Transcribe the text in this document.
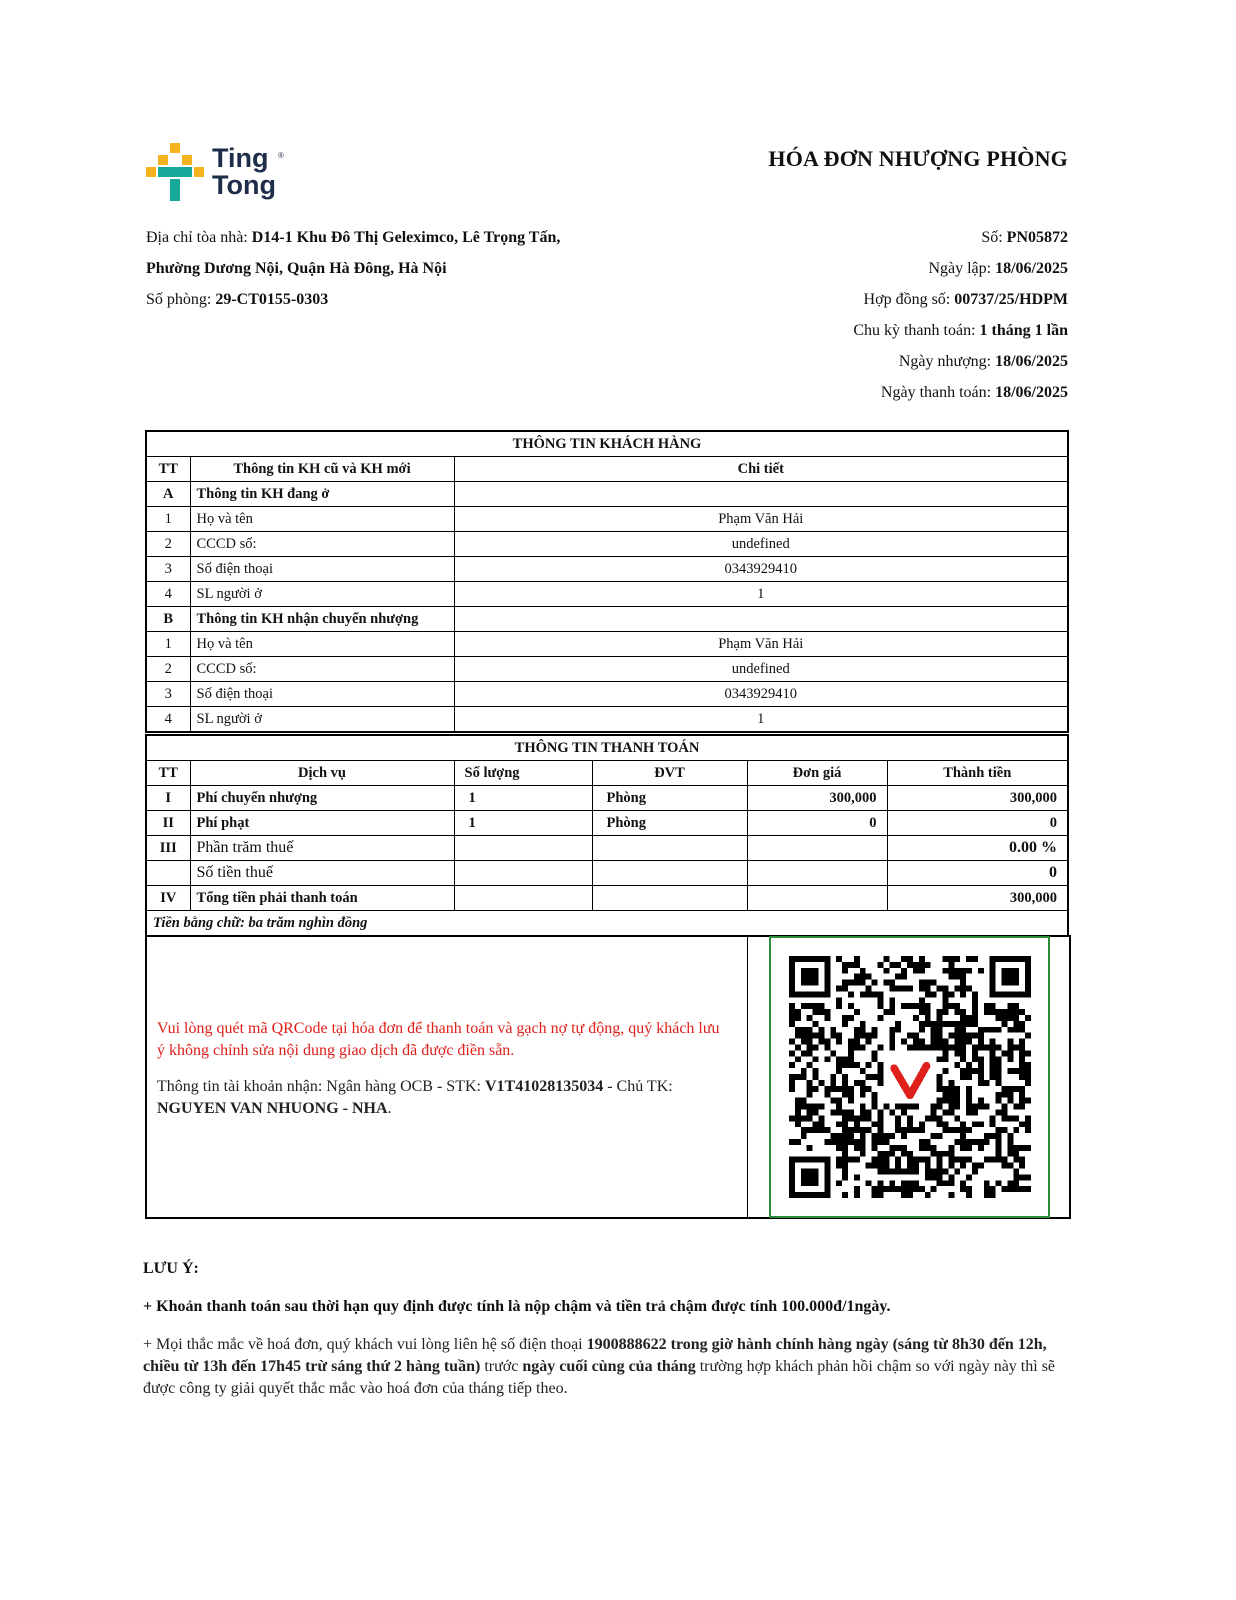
Ting
Tong
®	HÓA ĐƠN NHƯỢNG PHÒNG
Địa chỉ tòa nhà: D14-1 Khu Đô Thị Geleximco, Lê Trọng Tấn,
Phường Dương Nội, Quận Hà Đông, Hà Nội
Số phòng: 29-CT0155-0303
Số: PN05872
Ngày lập: 18/06/2025
Hợp đồng số: 00737/25/HDPM
Chu kỳ thanh toán: 1 tháng 1 lần
Ngày nhượng: 18/06/2025
Ngày thanh toán: 18/06/2025
THÔNG TIN KHÁCH HÀNG		
TT	Thông tin KH cũ và KH mới	Chi tiết
A	Thông tin KH đang ở	
1	Họ và tên	Phạm Văn Hải
2	CCCD số:	undefined
3	Số điện thoại	0343929410
4	SL người ở	1
B	Thông tin KH nhận chuyển nhượng	
1	Họ và tên	Phạm Văn Hải
2	CCCD số:	undefined
3	Số điện thoại	0343929410
4	SL người ở	1
THÔNG TIN THANH TOÁN					
TT	Dịch vụ	Số lượng	ĐVT	Đơn giá	Thành tiền
I	Phí chuyển nhượng	1	Phòng	300,000	300,000
II	Phí phạt	1	Phòng	0	0
III	Phần trăm thuế				0.00 %
	Số tiền thuế				0
IV	Tổng tiền phải thanh toán				300,000
Tiền bằng chữ: ba trăm nghìn đồng					
Vui lòng quét mã QRCode tại hóa đơn để thanh toán và gạch nợ tự động, quý khách lưu ý không chỉnh sửa nội dung giao dịch đã được điền sẵn.
Thông tin tài khoản nhận: Ngân hàng OCB - STK: V1T41028135034 - Chủ TK: NGUYEN VAN NHUONG - NHA.
LƯU Ý:
+ Khoản thanh toán sau thời hạn quy định được tính là nộp chậm và tiền trả chậm được tính 100.000đ/1ngày.
+ Mọi thắc mắc về hoá đơn, quý khách vui lòng liên hệ số điện thoại 1900888622 trong giờ hành chính hàng ngày (sáng từ 8h30 đến 12h, chiều từ 13h đến 17h45 trừ sáng thứ 2 hàng tuần) trước ngày cuối cùng của tháng trường hợp khách phản hồi chậm so với ngày này thì sẽ được công ty giải quyết thắc mắc vào hoá đơn của tháng tiếp theo.
